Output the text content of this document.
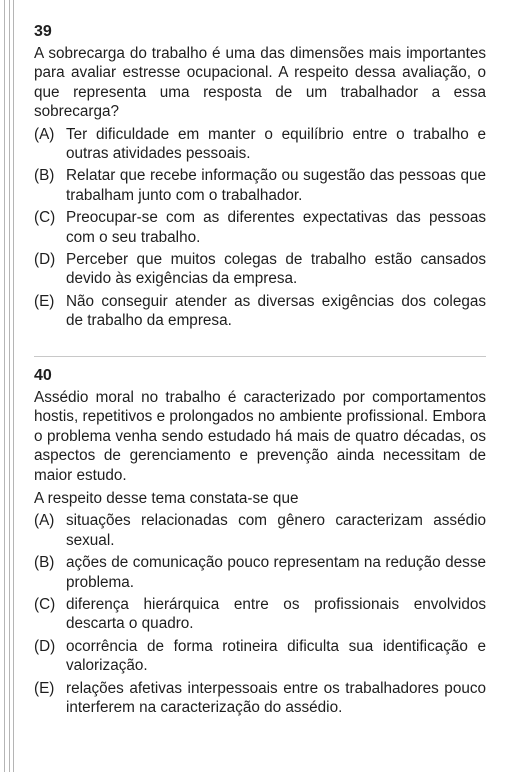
39
A sobrecarga do trabalho é uma das dimensões mais importantes para avaliar estresse ocupacional. A respeito dessa avaliação, o que representa uma resposta de um trabalhador a essa sobrecarga?
(A) Ter dificuldade em manter o equilíbrio entre o trabalho e outras atividades pessoais.
(B) Relatar que recebe informação ou sugestão das pessoas que trabalham junto com o trabalhador.
(C) Preocupar-se com as diferentes expectativas das pessoas com o seu trabalho.
(D) Perceber que muitos colegas de trabalho estão cansados devido às exigências da empresa.
(E) Não conseguir atender as diversas exigências dos colegas de trabalho da empresa.
40
Assédio moral no trabalho é caracterizado por comportamentos hostis, repetitivos e prolongados no ambiente profissional. Embora o problema venha sendo estudado há mais de quatro décadas, os aspectos de gerenciamento e prevenção ainda necessitam de maior estudo.
A respeito desse tema constata-se que
(A) situações relacionadas com gênero caracterizam assédio sexual.
(B) ações de comunicação pouco representam na redução desse problema.
(C) diferença hierárquica entre os profissionais envolvidos descarta o quadro.
(D) ocorrência de forma rotineira dificulta sua identificação e valorização.
(E) relações afetivas interpessoais entre os trabalhadores pouco interferem na caracterização do assédio.
